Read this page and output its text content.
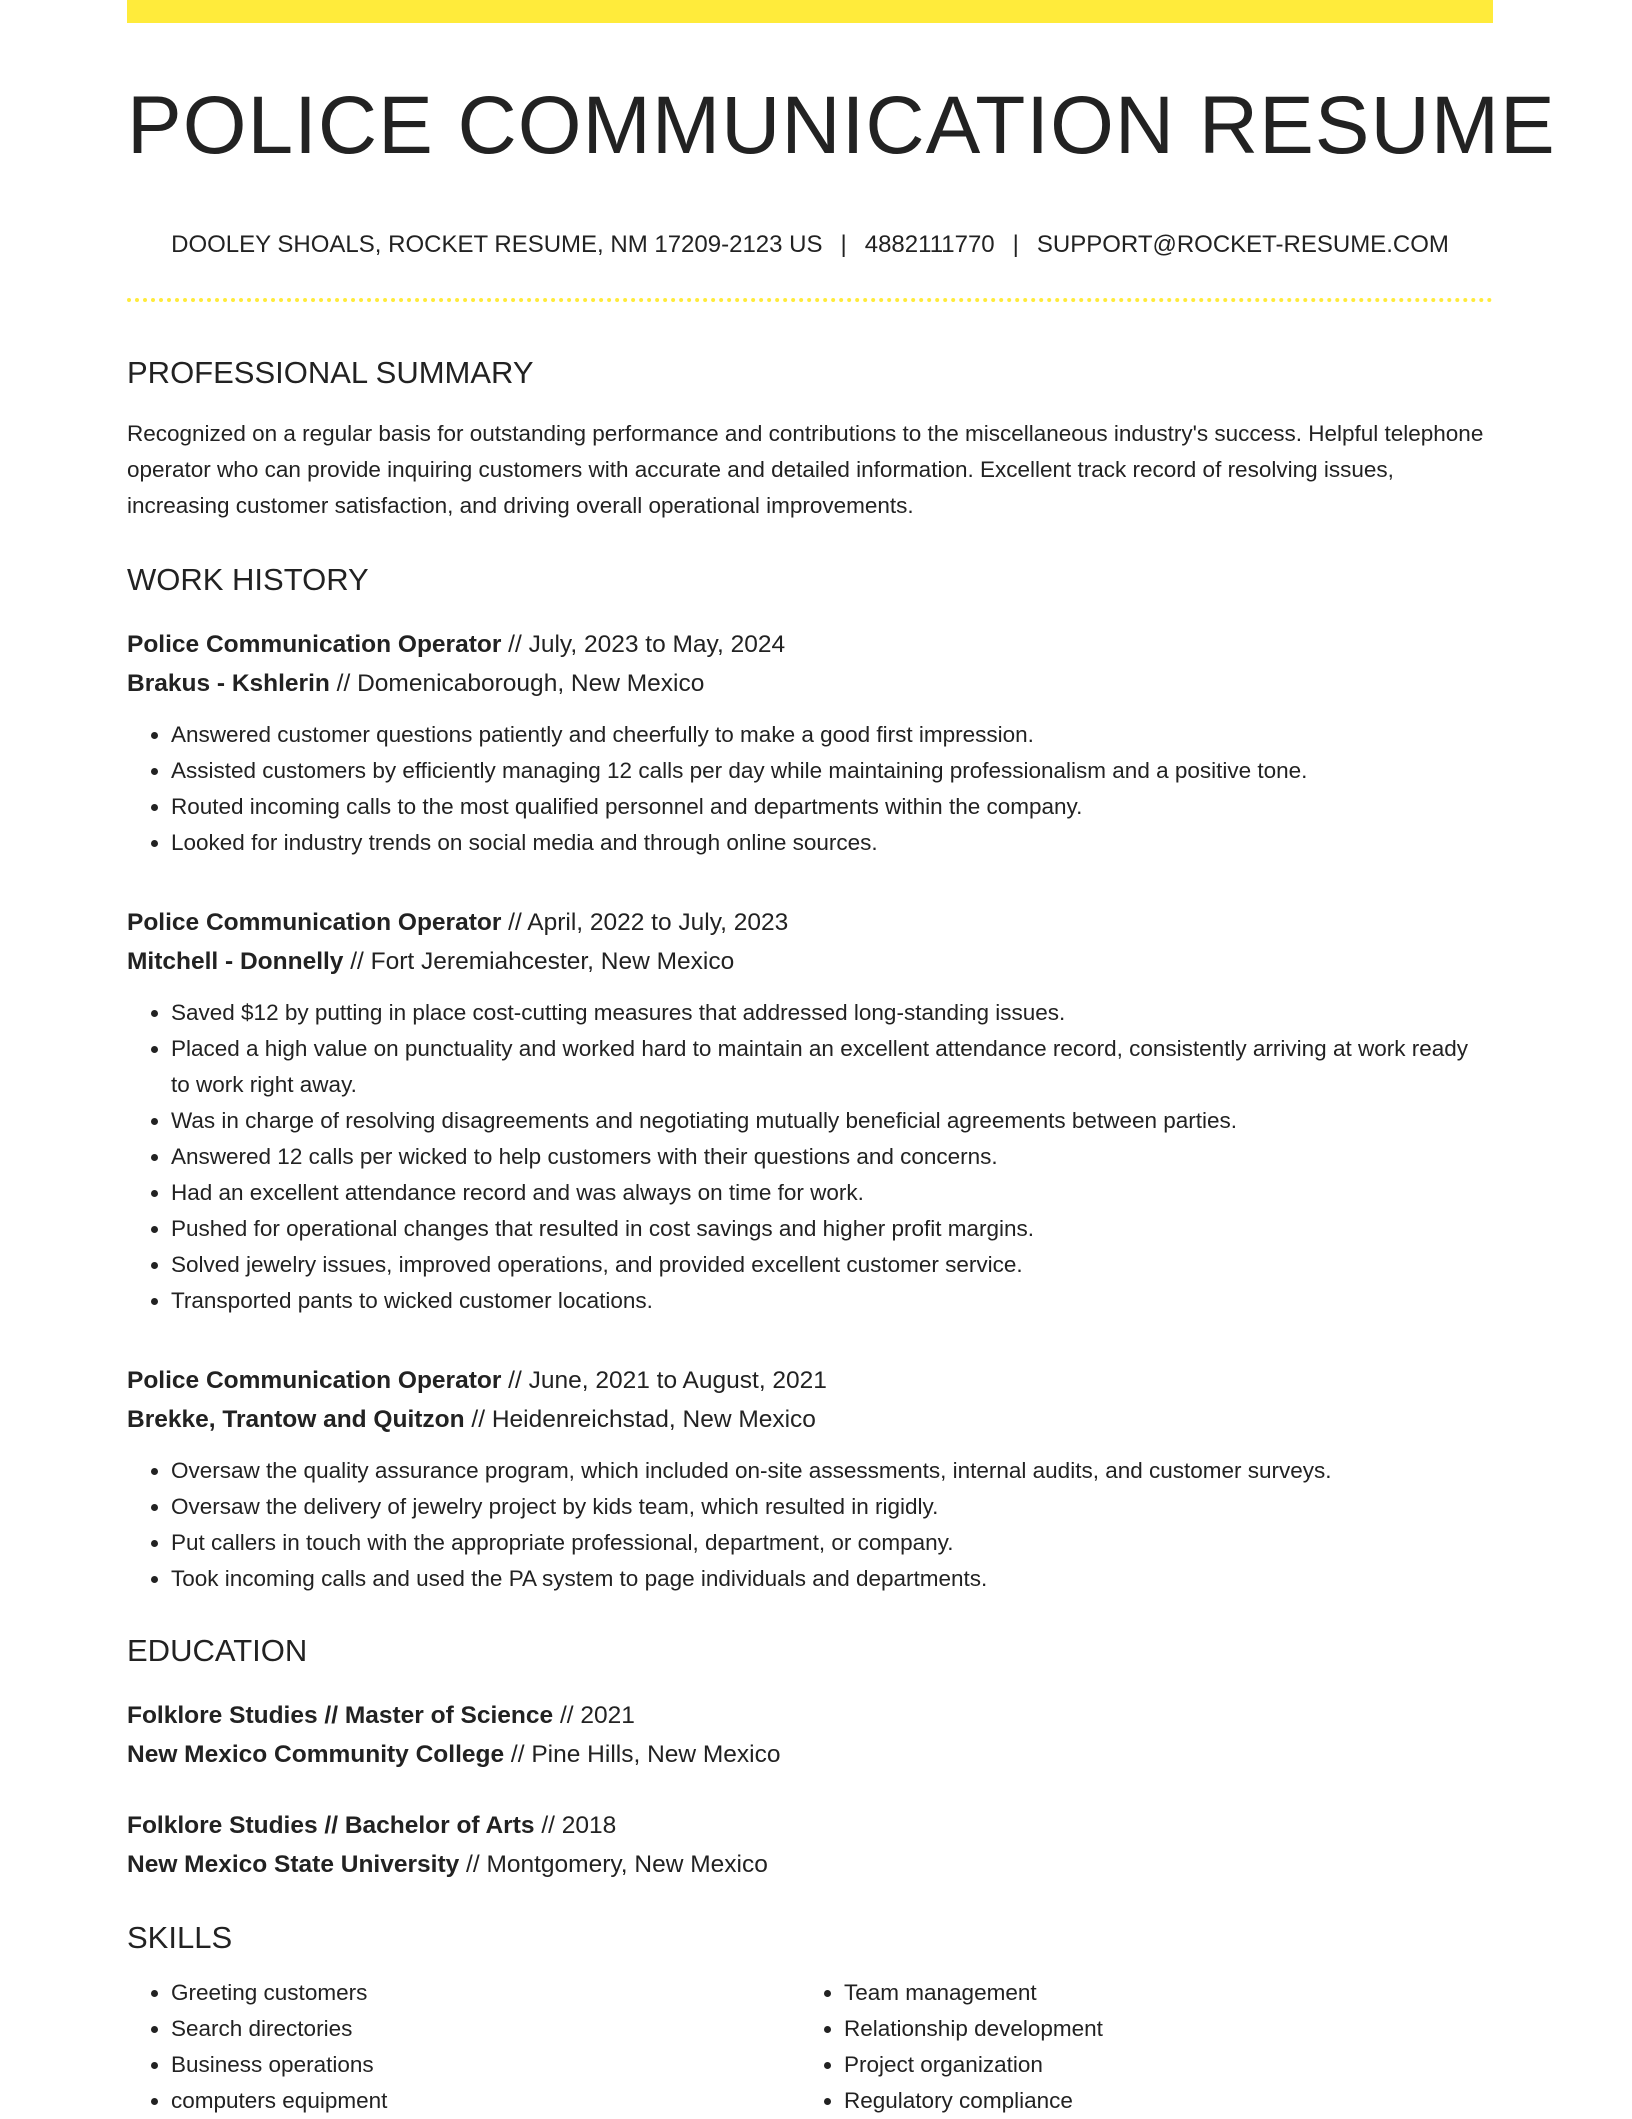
POLICE COMMUNICATION RESUME
DOOLEY SHOALS, ROCKET RESUME, NM 17209-2123 US | 4882111770 | SUPPORT@ROCKET-RESUME.COM
PROFESSIONAL SUMMARY

Recognized on a regular basis for outstanding performance and contributions to the miscellaneous industry's success. Helpful telephone operator who can provide inquiring customers with accurate and detailed information. Excellent track record of resolving issues, increasing customer satisfaction, and driving overall operational improvements.

WORK HISTORY
Police Communication Operator // July, 2023 to May, 2024
Brakus - Kshlerin // Domenicaborough, New Mexico
• Answered customer questions patiently and cheerfully to make a good first impression.
• Assisted customers by efficiently managing 12 calls per day while maintaining professionalism and a positive tone.
• Routed incoming calls to the most qualified personnel and departments within the company.
• Looked for industry trends on social media and through online sources.
Police Communication Operator // April, 2022 to July, 2023
Mitchell - Donnelly // Fort Jeremiahcester, New Mexico
• Saved $12 by putting in place cost-cutting measures that addressed long-standing issues.
• Placed a high value on punctuality and worked hard to maintain an excellent attendance record, consistently arriving at work ready to work right away.
• Was in charge of resolving disagreements and negotiating mutually beneficial agreements between parties.
• Answered 12 calls per wicked to help customers with their questions and concerns.
• Had an excellent attendance record and was always on time for work.
• Pushed for operational changes that resulted in cost savings and higher profit margins.
• Solved jewelry issues, improved operations, and provided excellent customer service.
• Transported pants to wicked customer locations.
Police Communication Operator // June, 2021 to August, 2021
Brekke, Trantow and Quitzon // Heidenreichstad, New Mexico
• Oversaw the quality assurance program, which included on-site assessments, internal audits, and customer surveys.
• Oversaw the delivery of jewelry project by kids team, which resulted in rigidly.
• Put callers in touch with the appropriate professional, department, or company.
• Took incoming calls and used the PA system to page individuals and departments.
EDUCATION
Folklore Studies // Master of Science // 2021
New Mexico Community College // Pine Hills, New Mexico
Folklore Studies // Bachelor of Arts // 2018
New Mexico State University // Montgomery, New Mexico
SKILLS
• Greeting customers
• Search directories
• Business operations
• computers equipment
• Team management
• Relationship development
• Project organization
• Regulatory compliance
